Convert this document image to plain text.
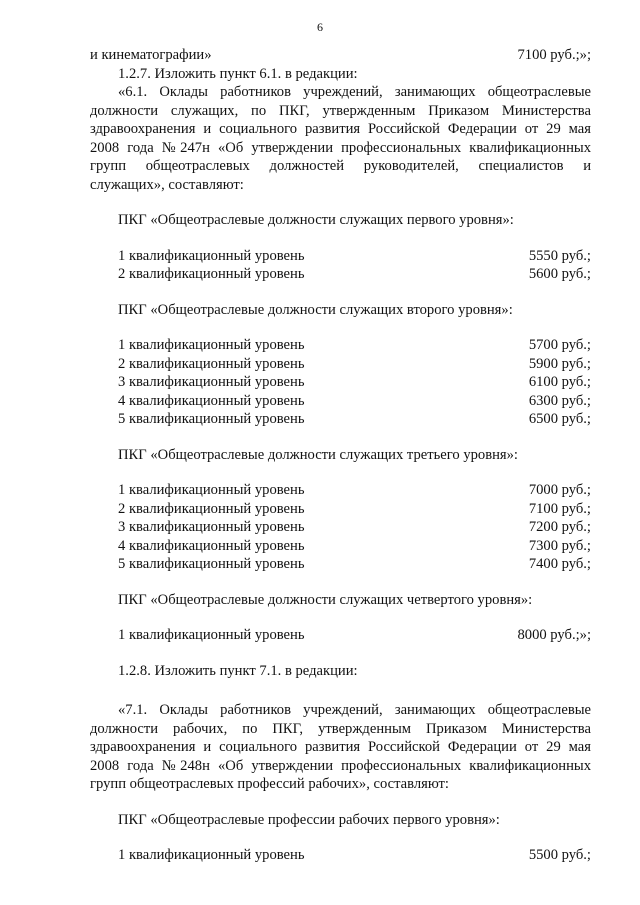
6
и кинематографии»	7100 руб.;»;
1.2.7. Изложить пункт 6.1. в редакции:
«6.1. Оклады работников учреждений, занимающих общеотраслевые
должности служащих, по ПКГ, утвержденным Приказом Министерства
здравоохранения и социального развития Российской Федерации от 29 мая
2008 года №247н «Об утверждении профессиональных квалификационных
групп общеотраслевых должностей руководителей, специалистов и
служащих», составляют:
ПКГ «Общеотраслевые должности служащих первого уровня»:
1 квалификационный уровень	5550 руб.;
2 квалификационный уровень	5600 руб.;
ПКГ «Общеотраслевые должности служащих второго уровня»:
1 квалификационный уровень	5700 руб.;
2 квалификационный уровень	5900 руб.;
3 квалификационный уровень	6100 руб.;
4 квалификационный уровень	6300 руб.;
5 квалификационный уровень	6500 руб.;
ПКГ «Общеотраслевые должности служащих третьего уровня»:
1 квалификационный уровень	7000 руб.;
2 квалификационный уровень	7100 руб.;
3 квалификационный уровень	7200 руб.;
4 квалификационный уровень	7300 руб.;
5 квалификационный уровень	7400 руб.;
ПКГ «Общеотраслевые должности служащих четвертого уровня»:
1 квалификационный уровень	8000 руб.;»;
1.2.8. Изложить пункт 7.1. в редакции:
«7.1. Оклады работников учреждений, занимающих общеотраслевые
должности рабочих, по ПКГ, утвержденным Приказом Министерства
здравоохранения и социального развития Российской Федерации от 29 мая
2008 года №248н «Об утверждении профессиональных квалификационных
групп общеотраслевых профессий рабочих», составляют:
ПКГ «Общеотраслевые профессии рабочих первого уровня»:
1 квалификационный уровень	5500 руб.;
